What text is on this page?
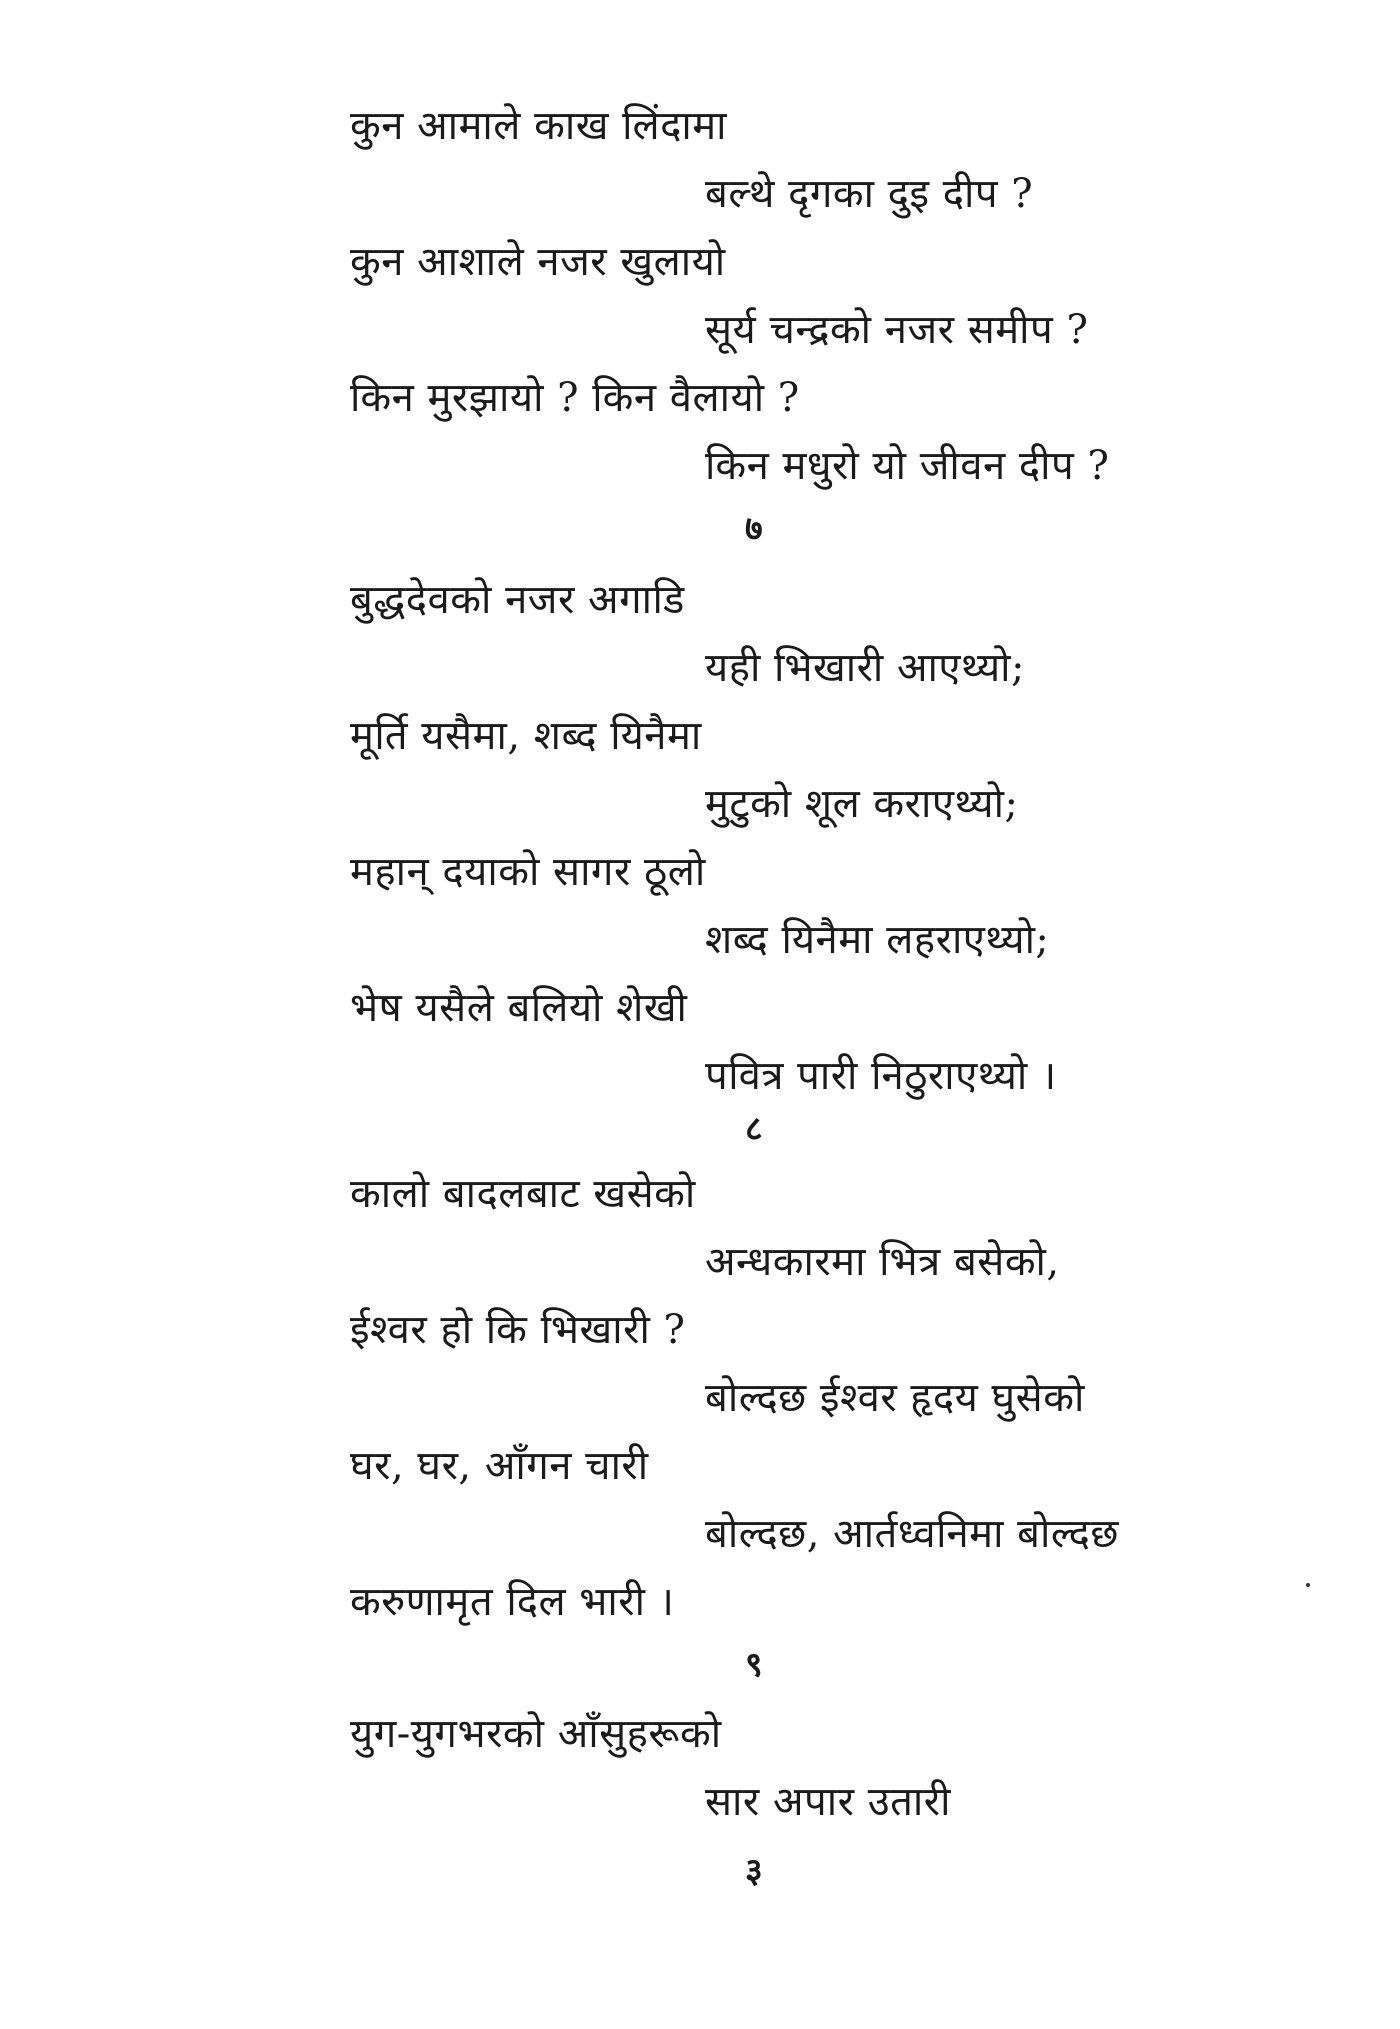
कुन आमाले काख लिंदामा
बल्थे दृगका दुइ दीप ?
कुन आशाले नजर खुलायो
सूर्य चन्द्रको नजर समीप ?
किन मुरझायो ? किन वैलायो ?
किन मधुरो यो जीवन दीप ?
७
बुद्धदेवको नजर अगाडि
यही भिखारी आएथ्यो;
मूर्ति यसैमा, शब्द यिनैमा
मुटुको शूल कराएथ्यो;
महान् दयाको सागर ठूलो
शब्द यिनैमा लहराएथ्यो;
भेष यसैले बलियो शेखी
पवित्र पारी निठुराएथ्यो ।
८
कालो बादलबाट खसेको
अन्धकारमा भित्र बसेको,
ईश्वर हो कि भिखारी ?
बोल्दछ ईश्वर हृदय घुसेको
घर, घर, आँगन चारी
बोल्दछ, आर्तध्वनिमा बोल्दछ
करुणामृत दिल भारी ।
९
युग-युगभरको आँसुहरूको
सार अपार उतारी
३
